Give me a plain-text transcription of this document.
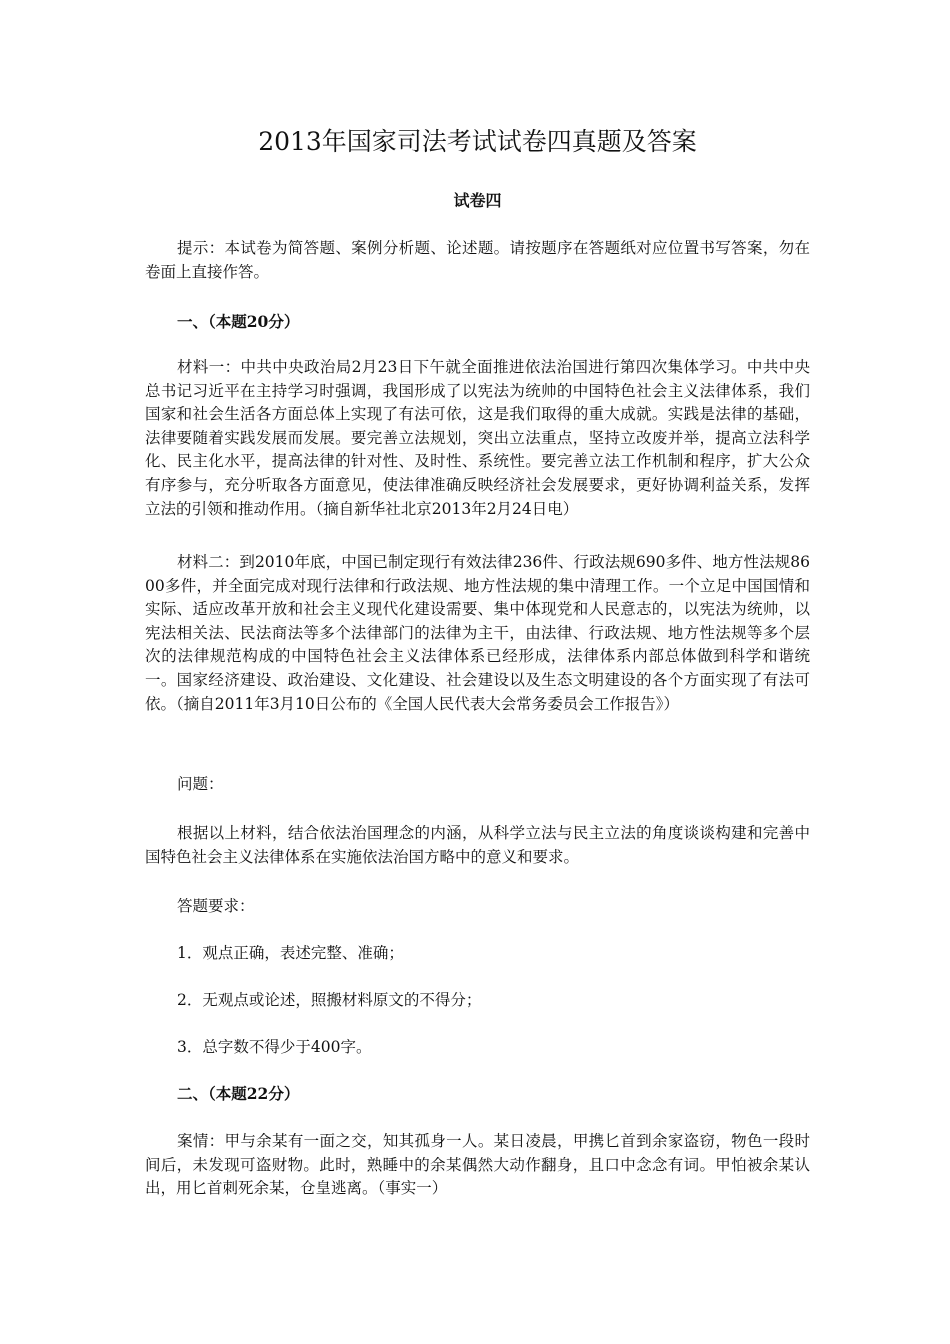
2013年国家司法考试试卷四真题及答案
试卷四

提示：本试卷为简答题、案例分析题、论述题。请按题序在答题纸对应位置书写答案，勿在卷面上直接作答。

一、（本题20分）

材料一：中共中央政治局2月23日下午就全面推进依法治国进行第四次集体学习。中共中央总书记习近平在主持学习时强调，我国形成了以宪法为统帅的中国特色社会主义法律体系，我们国家和社会生活各方面总体上实现了有法可依，这是我们取得的重大成就。实践是法律的基础，法律要随着实践发展而发展。要完善立法规划，突出立法重点，坚持立改废并举，提高立法科学化、民主化水平，提高法律的针对性、及时性、系统性。要完善立法工作机制和程序，扩大公众有序参与，充分听取各方面意见，使法律准确反映经济社会发展要求，更好协调利益关系，发挥立法的引领和推动作用。（摘自新华社北京2013年2月24日电）

材料二：到2010年底，中国已制定现行有效法律236件、行政法规690多件、地方性法规8600多件，并全面完成对现行法律和行政法规、地方性法规的集中清理工作。一个立足中国国情和实际、适应改革开放和社会主义现代化建设需要、集中体现党和人民意志的，以宪法为统帅，以宪法相关法、民法商法等多个法律部门的法律为主干，由法律、行政法规、地方性法规等多个层次的法律规范构成的中国特色社会主义法律体系已经形成，法律体系内部总体做到科学和谐统一。国家经济建设、政治建设、文化建设、社会建设以及生态文明建设的各个方面实现了有法可依。（摘自2011年3月10日公布的《全国人民代表大会常务委员会工作报告》）

问题：

根据以上材料，结合依法治国理念的内涵，从科学立法与民主立法的角度谈谈构建和完善中国特色社会主义法律体系在实施依法治国方略中的意义和要求。

答题要求：

1．观点正确，表述完整、准确；

2．无观点或论述，照搬材料原文的不得分；

3．总字数不得少于400字。

二、（本题22分）

案情：甲与余某有一面之交，知其孤身一人。某日凌晨，甲携匕首到余家盗窃，物色一段时间后，未发现可盗财物。此时，熟睡中的余某偶然大动作翻身，且口中念念有词。甲怕被余某认出，用匕首刺死余某，仓皇逃离。（事实一）
